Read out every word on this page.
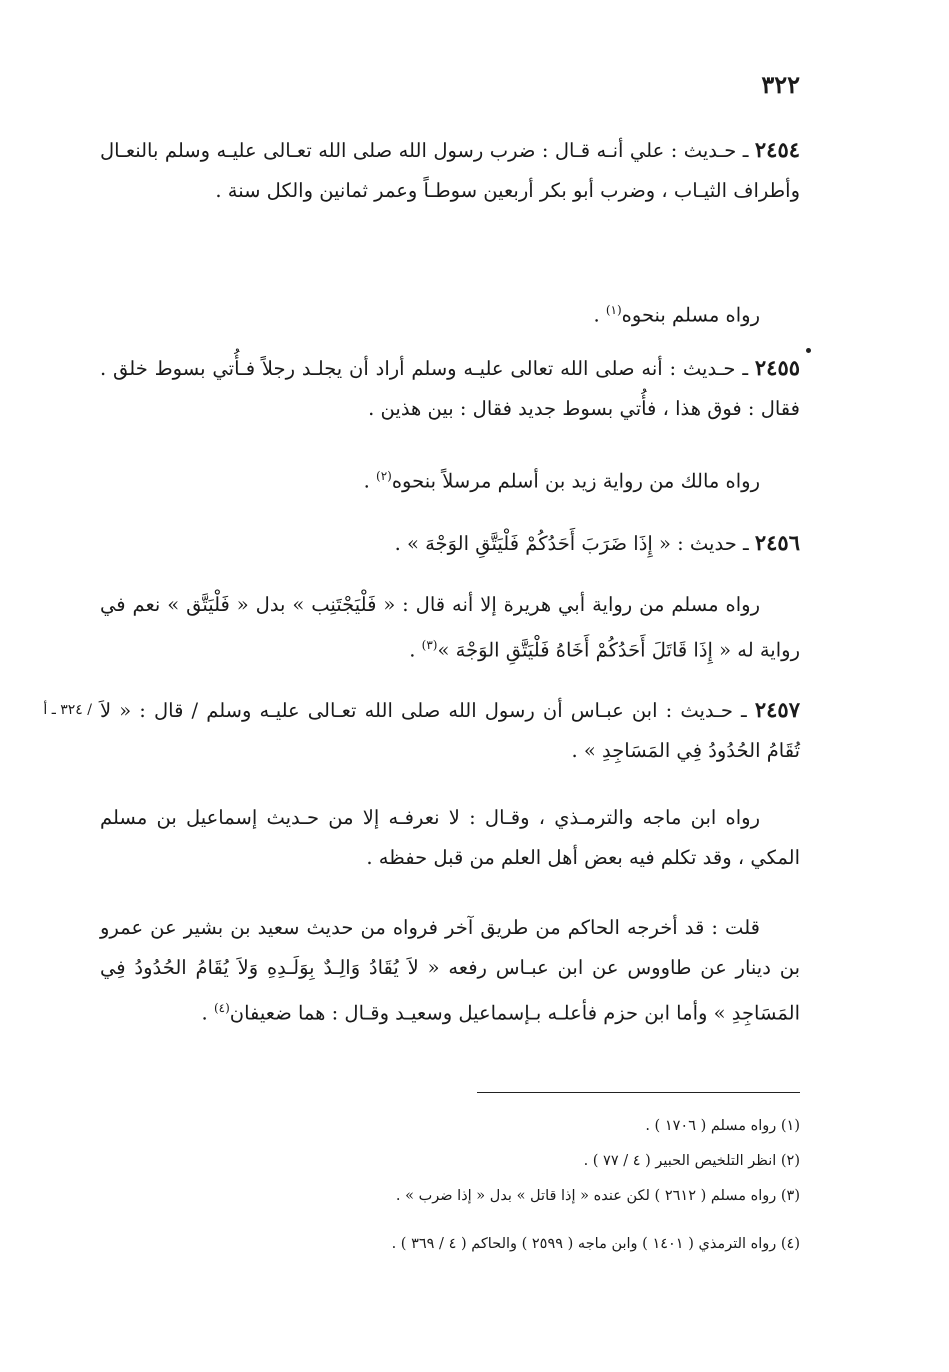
٣٢٢
/ ٣٢٤ ـ أ

٢٤٥٤ ـ حـديث : علي أنـه قـال : ضرب رسول الله صلى الله تعـالى عليـه وسلم بالنعـال وأطراف الثيـاب ، وضرب أبو بكر أربعين سوطـاً وعمر ثمانين والكل سنة .

رواه مسلم بنحوه$^{(١)}$ .

٢٤٥٥ ـ حـديث : أنه صلى الله تعالى عليـه وسلم أراد أن يجلـد رجلاً فـأُتي بسوط خلق . فقال : فوق هذا ، فأُتي بسوط جديد فقال : بين هذين .

رواه مالك من رواية زيد بن أسلم مرسلاً بنحوه$^{(٢)}$ .

٢٤٥٦ ـ حديث : « إِذَا ضَرَبَ أَحَدُكُمْ فَلْيَتَّقِ الوَجْهَ » .

رواه مسلم من رواية أبي هريرة إلا أنه قال : « فَلْيَجْتَنِب » بدل « فَلْيَتَّق » نعم في رواية له « إِذَا قَاتَلَ أَحَدُكُمْ أَخَاهُ فَلْيَتَّقِ الوَجْهَ »$^{(٣)}$ .

٢٤٥٧ ـ حـديث : ابن عبـاس أن رسول الله صلى الله تعـالى عليـه وسلم / قال : « لاَ تُقَامُ الحُدُودُ فِي المَسَاجِدِ » .

رواه ابن ماجه والترمـذي ، وقـال : لا نعرفـه إلا من حـديث إسماعيل بن مسلم المكي ، وقد تكلم فيه بعض أهل العلم من قبل حفظه .

قلت : قد أخرجه الحاكم من طريق آخر فرواه من حديث سعيد بن بشير عن عمرو بن دينار عن طاووس عن ابن عبـاس رفعه « لاَ يُقَادُ وَالِـدٌ بِوَلَـدِهِ وَلاَ يُقَامُ الحُدُودُ فِي المَسَاجِدِ » وأما ابن حزم فأعلـه بـإسماعيل وسعيـد وقـال : هما ضعيفان$^{(٤)}$ .

(١) رواه مسلم ( ١٧٠٦ ) .
(٢) انظر التلخيص الحبير ( ٤ / ٧٧ ) .
(٣) رواه مسلم ( ٢٦١٢ ) لكن عنده « إذا قاتل » بدل « إذا ضرب » .
(٤) رواه الترمذي ( ١٤٠١ ) وابن ماجه ( ٢٥٩٩ ) والحاكم ( ٤ / ٣٦٩ ) .
